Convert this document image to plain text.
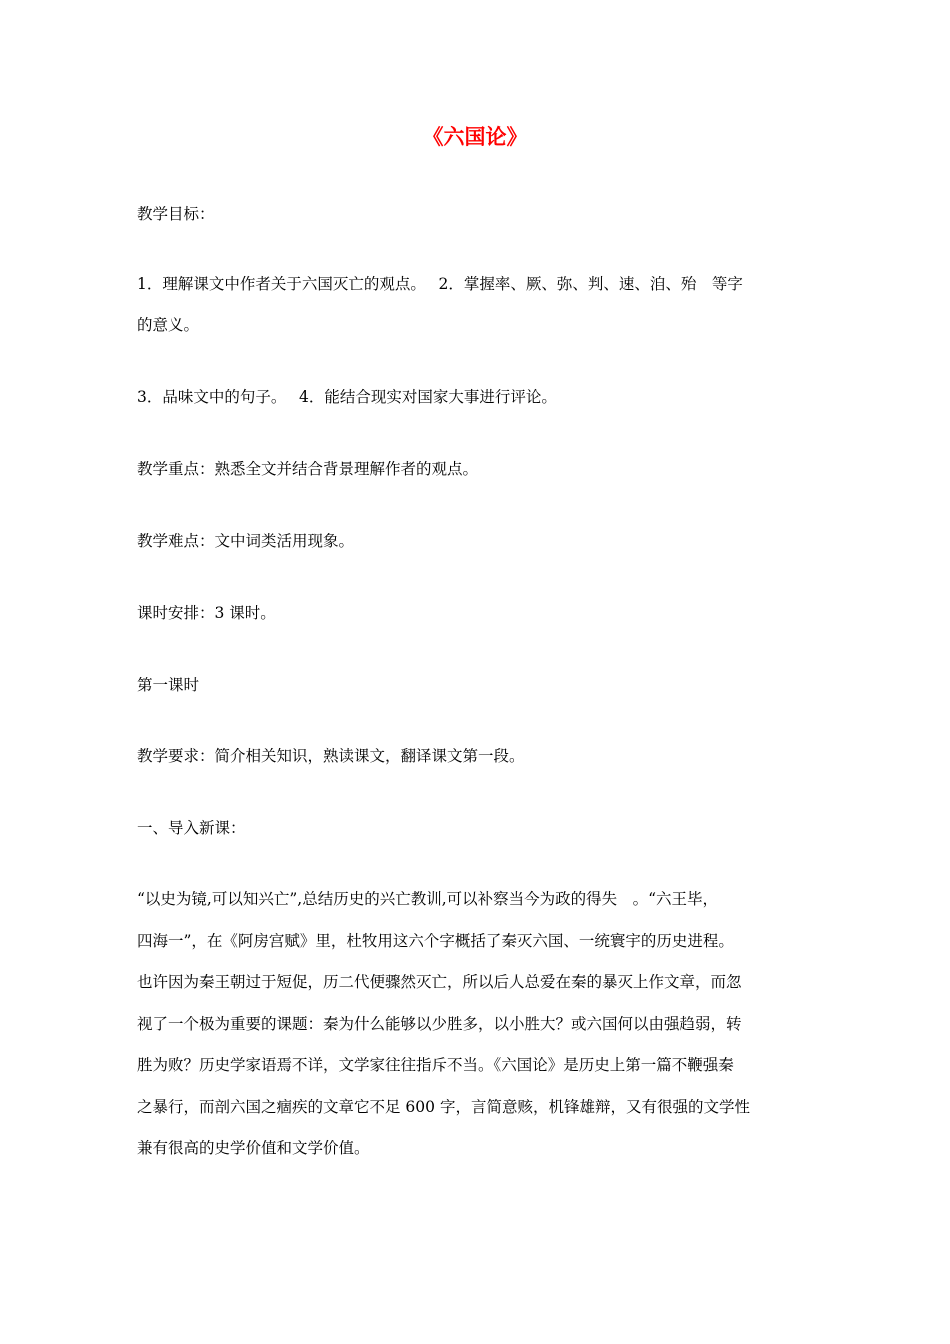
《六国论》
教学目标：
1．理解课文中作者关于六国灭亡的观点。　 2．掌握率、厥、弥、判、速、洎、殆　等字
的意义。
3．品味文中的句子。　 4．能结合现实对国家大事进行评论。
教学重点：熟悉全文并结合背景理解作者的观点。
教学难点：文中词类活用现象。
课时安排：3 课时。
第一课时
教学要求：简介相关知识，熟读课文，翻译课文第一段。
一、导入新课：
“以史为镜,可以知兴亡”,总结历史的兴亡教训,可以补察当今为政的得失　。“六王毕，
四海一”，在《阿房宫赋》里，杜牧用这六个字概括了秦灭六国、一统寰宇的历史进程。
也许因为秦王朝过于短促，历二代便骤然灭亡，所以后人总爱在秦的暴灭上作文章，而忽
视了一个极为重要的课题：秦为什么能够以少胜多，以小胜大？或六国何以由强趋弱，转
胜为败？历史学家语焉不详，文学家往往指斥不当。《六国论》是历史上第一篇不鞭强秦
之暴行，而剖六国之痼疾的文章它不足 600 字，言简意赅，机锋雄辩，又有很强的文学性
兼有很高的史学价值和文学价值。
